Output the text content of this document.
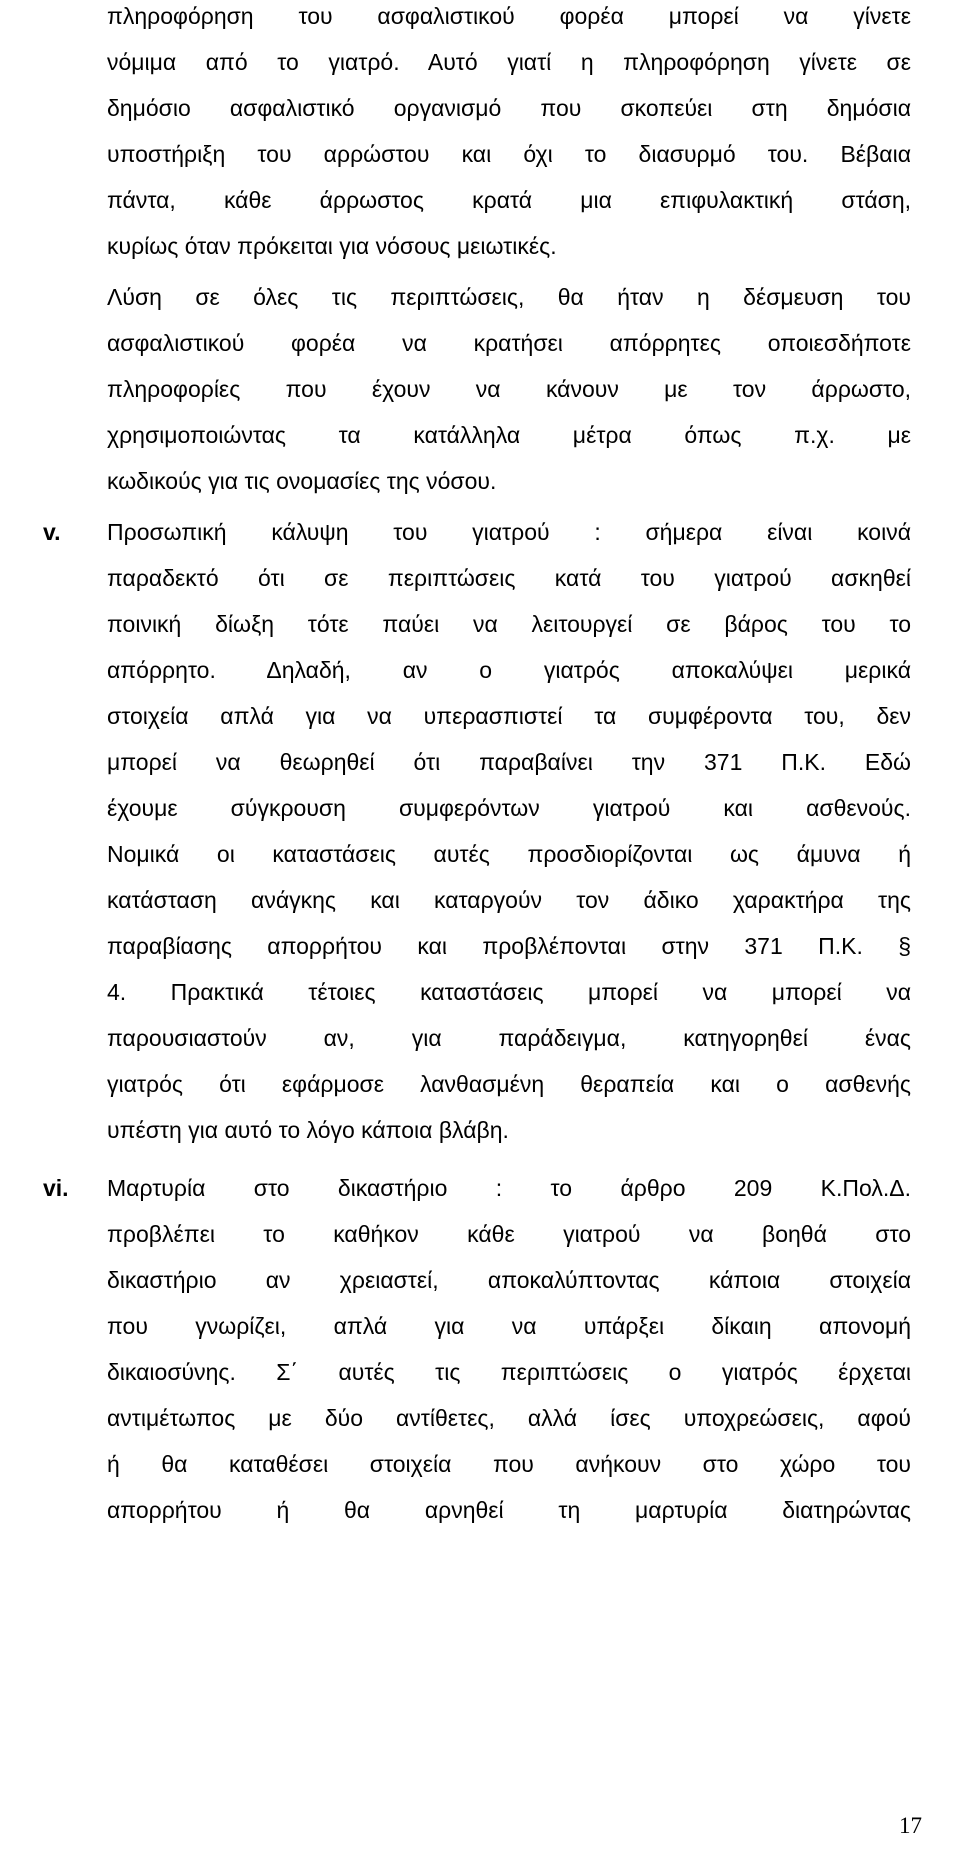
πληροφόρηση του ασφαλιστικού φορέα μπορεί να γίνετε
νόμιμα από το γιατρό. Αυτό γιατί η πληροφόρηση γίνετε σε
δημόσιο ασφαλιστικό οργανισμό που σκοπεύει στη δημόσια
υποστήριξη του αρρώστου και όχι το διασυρμό του. Βέβαια
πάντα, κάθε άρρωστος κρατά μια επιφυλακτική στάση,
κυρίως όταν πρόκειται για νόσους μειωτικές.
Λύση σε όλες τις περιπτώσεις, θα ήταν η δέσμευση του
ασφαλιστικού φορέα να κρατήσει απόρρητες οποιεσδήποτε
πληροφορίες που έχουν να κάνουν με τον άρρωστο,
χρησιμοποιώντας τα κατάλληλα μέτρα όπως π.χ. με
κωδικούς για τις ονομασίες της νόσου.
v. Προσωπική κάλυψη του γιατρού : σήμερα είναι κοινά
παραδεκτό ότι σε περιπτώσεις κατά του γιατρού ασκηθεί
ποινική δίωξη τότε παύει να λειτουργεί σε βάρος του το
απόρρητο. Δηλαδή, αν ο γιατρός αποκαλύψει μερικά
στοιχεία απλά για να υπερασπιστεί τα συμφέροντα του, δεν
μπορεί να θεωρηθεί ότι παραβαίνει την 371 Π.Κ. Εδώ
έχουμε σύγκρουση συμφερόντων γιατρού και ασθενούς.
Νομικά οι καταστάσεις αυτές προσδιορίζονται ως άμυνα ή
κατάσταση ανάγκης και καταργούν τον άδικο χαρακτήρα της
παραβίασης απορρήτου και προβλέπονται στην 371 Π.Κ. §
4. Πρακτικά τέτοιες καταστάσεις μπορεί να μπορεί να
παρουσιαστούν αν, για παράδειγμα, κατηγορηθεί ένας
γιατρός ότι εφάρμοσε λανθασμένη θεραπεία και ο ασθενής
υπέστη για αυτό το λόγο κάποια βλάβη.
vi. Μαρτυρία στο δικαστήριο : το άρθρο 209 Κ.Πολ.Δ.
προβλέπει το καθήκον κάθε γιατρού να βοηθά στο
δικαστήριο αν χρειαστεί, αποκαλύπτοντας κάποια στοιχεία
που γνωρίζει, απλά για να υπάρξει δίκαιη απονομή
δικαιοσύνης. Σ΄ αυτές τις περιπτώσεις ο γιατρός έρχεται
αντιμέτωπος με δύο αντίθετες, αλλά ίσες υποχρεώσεις, αφού
ή θα καταθέσει στοιχεία που ανήκουν στο χώρο του
απορρήτου ή θα αρνηθεί τη μαρτυρία διατηρώντας
17
